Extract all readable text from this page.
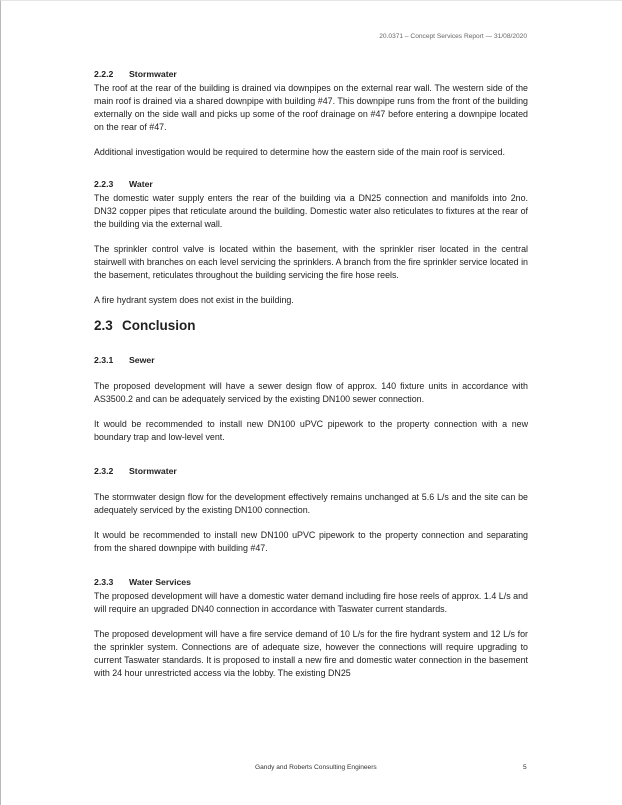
20.0371 – Concept Services Report — 31/08/2020
2.2.2 Stormwater

The roof at the rear of the building is drained via downpipes on the external rear wall. The western side of the main roof is drained via a shared downpipe with building #47. This downpipe runs from the front of the building externally on the side wall and picks up some of the roof drainage on #47 before entering a downpipe located on the rear of #47.

Additional investigation would be required to determine how the eastern side of the main roof is serviced.

2.2.3 Water

The domestic water supply enters the rear of the building via a DN25 connection and manifolds into 2no. DN32 copper pipes that reticulate around the building. Domestic water also reticulates to fixtures at the rear of the building via the external wall.

The sprinkler control valve is located within the basement, with the sprinkler riser located in the central stairwell with branches on each level servicing the sprinklers. A branch from the fire sprinkler service located in the basement, reticulates throughout the building servicing the fire hose reels.

A fire hydrant system does not exist in the building.

2.3 Conclusion
2.3.1 Sewer

The proposed development will have a sewer design flow of approx. 140 fixture units in accordance with AS3500.2 and can be adequately serviced by the existing DN100 sewer connection.

It would be recommended to install new DN100 uPVC pipework to the property connection with a new boundary trap and low-level vent.

2.3.2 Stormwater

The stormwater design flow for the development effectively remains unchanged at 5.6 L/s and the site can be adequately serviced by the existing DN100 connection.

It would be recommended to install new DN100 uPVC pipework to the property connection and separating from the shared downpipe with building #47.

2.3.3 Water Services

The proposed development will have a domestic water demand including fire hose reels of approx. 1.4 L/s and will require an upgraded DN40 connection in accordance with Taswater current standards.

The proposed development will have a fire service demand of 10 L/s for the fire hydrant system and 12 L/s for the sprinkler system. Connections are of adequate size, however the connections will require upgrading to current Taswater standards. It is proposed to install a new fire and domestic water connection in the basement with 24 hour unrestricted access via the lobby. The existing DN25

Gandy and Roberts Consulting Engineers	5
